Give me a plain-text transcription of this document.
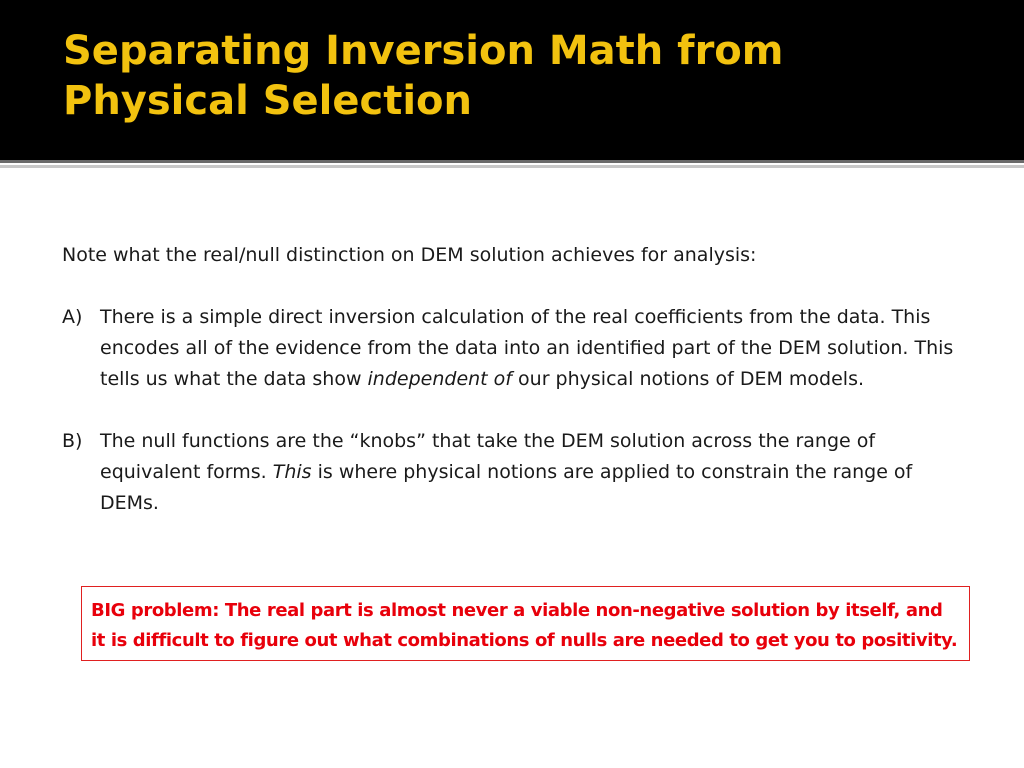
Separating Inversion Math from
Physical Selection

Note what the real/null distinction on DEM solution achieves for analysis:

A) There is a simple direct inversion calculation of the real coefficients from the data. This encodes all of the evidence from the data into an identified part of the DEM solution. This tells us what the data show independent of our physical notions of DEM models.
B) The null functions are the “knobs” that take the DEM solution across the range of equivalent forms. This is where physical notions are applied to constrain the range of DEMs.
BIG problem: The real part is almost never a viable non-negative solution by itself, and it is difficult to figure out what combinations of nulls are needed to get you to positivity.
